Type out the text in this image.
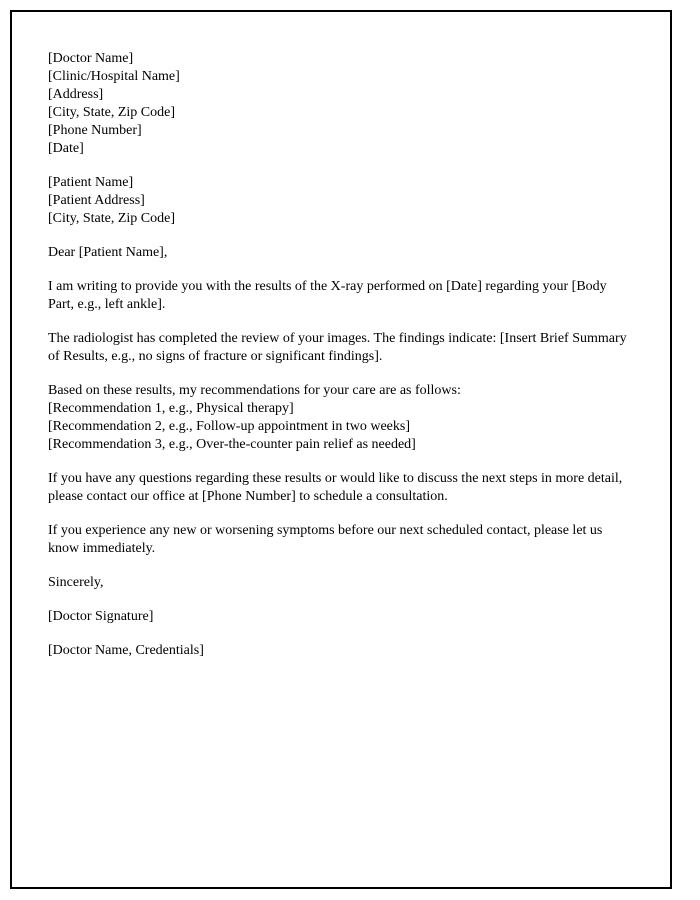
[Doctor Name]
[Clinic/Hospital Name]
[Address]
[City, State, Zip Code]
[Phone Number]
[Date]
[Patient Name]
[Patient Address]
[City, State, Zip Code]

Dear [Patient Name],

I am writing to provide you with the results of the X-ray performed on [Date] regarding your [Body Part, e.g., left ankle].

The radiologist has completed the review of your images. The findings indicate: [Insert Brief Summary of Results, e.g., no signs of fracture or significant findings].

Based on these results, my recommendations for your care are as follows:
[Recommendation 1, e.g., Physical therapy]
[Recommendation 2, e.g., Follow-up appointment in two weeks]
[Recommendation 3, e.g., Over-the-counter pain relief as needed]

If you have any questions regarding these results or would like to discuss the next steps in more detail, please contact our office at [Phone Number] to schedule a consultation.

If you experience any new or worsening symptoms before our next scheduled contact, please let us know immediately.

Sincerely,

[Doctor Signature]

[Doctor Name, Credentials]
